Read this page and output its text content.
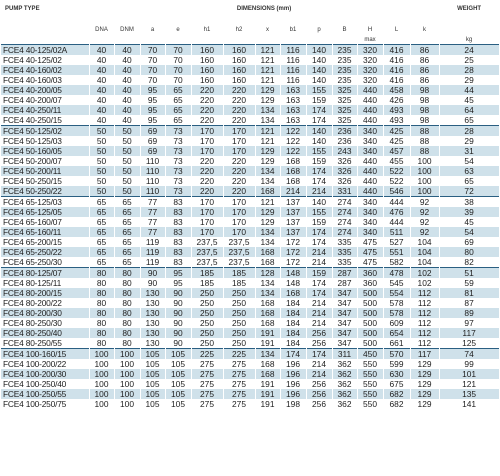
PUMP TYPE	DIMENSIONS (mm)													WEIGHT
	DNA	DNM	a	e	h1	h2	x	b1	p	B	H	L	k	
											max			kg
FCE4 40-125/02A	40	40	70	70	160	160	121	116	140	235	320	416	86	24
FCE4 40-125/02	40	40	70	70	160	160	121	116	140	235	320	416	86	25
FCE4 40-160/02	40	40	70	70	160	160	121	116	140	235	320	416	86	28
FCE4 40-160/03	40	40	70	70	160	160	121	116	140	235	320	416	86	29
FCE4 40-200/05	40	40	95	65	220	220	129	163	155	325	440	458	98	44
FCE4 40-200/07	40	40	95	65	220	220	129	163	159	325	440	426	98	45
FCE4 40-250/11	40	40	95	65	220	220	134	163	174	325	440	493	98	64
FCE4 40-250/15	40	40	95	65	220	220	134	163	174	325	440	493	98	65
FCE4 50-125/02	50	50	69	73	170	170	121	122	140	236	340	425	88	28
FCE4 50-125/03	50	50	69	73	170	170	121	122	140	236	340	425	88	29
FCE4 50-160/05	50	50	69	73	170	170	129	122	155	243	340	457	88	31
FCE4 50-200/07	50	50	110	73	220	220	129	168	159	326	440	455	100	54
FCE4 50-200/11	50	50	110	73	220	220	134	168	174	326	440	522	100	63
FCE4 50-250/15	50	50	110	73	220	220	134	168	174	326	440	522	100	65
FCE4 50-250/22	50	50	110	73	220	220	168	214	214	331	440	546	100	72
FCE4 65-125/03	65	65	77	83	170	170	121	137	140	274	340	444	92	38
FCE4 65-125/05	65	65	77	83	170	170	129	137	155	274	340	476	92	39
FCE4 65-160/07	65	65	77	83	170	170	129	137	159	274	340	444	92	45
FCE4 65-160/11	65	65	77	83	170	170	134	137	174	274	340	511	92	54
FCE4 65-200/15	65	65	119	83	237,5	237,5	134	172	174	335	475	527	104	69
FCE4 65-250/22	65	65	119	83	237,5	237,5	168	172	214	335	475	551	104	80
FCE4 65-250/30	65	65	119	83	237,5	237,5	168	172	214	335	475	582	104	82
FCE4 80-125/07	80	80	90	95	185	185	128	148	159	287	360	478	102	51
FCE4 80-125/11	80	80	90	95	185	185	134	148	174	287	360	545	102	59
FCE4 80-200/15	80	80	130	90	250	250	134	168	174	347	500	554	112	81
FCE4 80-200/22	80	80	130	90	250	250	168	184	214	347	500	578	112	87
FCE4 80-200/30	80	80	130	90	250	250	168	184	214	347	500	578	112	89
FCE4 80-250/30	80	80	130	90	250	250	168	184	214	347	500	609	112	97
FCE4 80-250/40	80	80	130	90	250	250	191	184	256	347	500	654	112	117
FCE4 80-250/55	80	80	130	90	250	250	191	184	256	347	500	661	112	125
FCE4 100-160/15	100	100	105	105	225	225	134	174	174	311	450	570	117	74
FCE4 100-200/22	100	100	105	105	275	275	168	196	214	362	550	599	129	99
FCE4 100-200/30	100	100	105	105	275	275	168	196	214	362	550	630	129	101
FCE4 100-250/40	100	100	105	105	275	275	191	196	256	362	550	675	129	121
FCE4 100-250/55	100	100	105	105	275	275	191	196	256	362	550	682	129	135
FCE4 100-250/75	100	100	105	105	275	275	191	198	256	362	550	682	129	141
